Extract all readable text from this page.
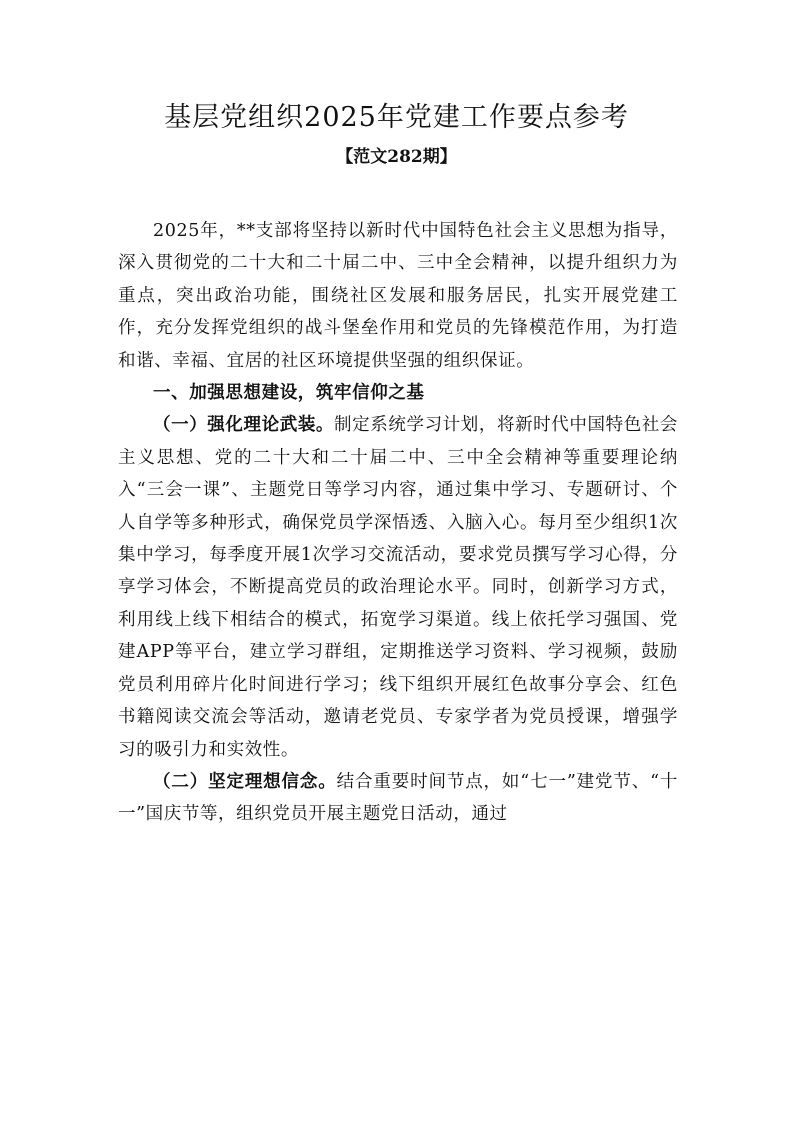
基层党组织2025年党建工作要点参考
【范文282期】

2025年，**支部将坚持以新时代中国特色社会主义思想为指导，深入贯彻党的二十大和二十届二中、三中全会精神，以提升组织力为重点，突出政治功能，围绕社区发展和服务居民，扎实开展党建工作，充分发挥党组织的战斗堡垒作用和党员的先锋模范作用，为打造和谐、幸福、宜居的社区环境提供坚强的组织保证。

一、加强思想建设，筑牢信仰之基

（一）强化理论武装。制定系统学习计划，将新时代中国特色社会主义思想、党的二十大和二十届二中、三中全会精神等重要理论纳入“三会一课”、主题党日等学习内容，通过集中学习、专题研讨、个人自学等多种形式，确保党员学深悟透、入脑入心。每月至少组织1次集中学习，每季度开展1次学习交流活动，要求党员撰写学习心得，分享学习体会，不断提高党员的政治理论水平。同时，创新学习方式，利用线上线下相结合的模式，拓宽学习渠道。线上依托学习强国、党建APP等平台，建立学习群组，定期推送学习资料、学习视频，鼓励党员利用碎片化时间进行学习；线下组织开展红色故事分享会、红色书籍阅读交流会等活动，邀请老党员、专家学者为党员授课，增强学习的吸引力和实效性。

（二）坚定理想信念。结合重要时间节点，如“七一”建党节、“十一”国庆节等，组织党员开展主题党日活动，通过
